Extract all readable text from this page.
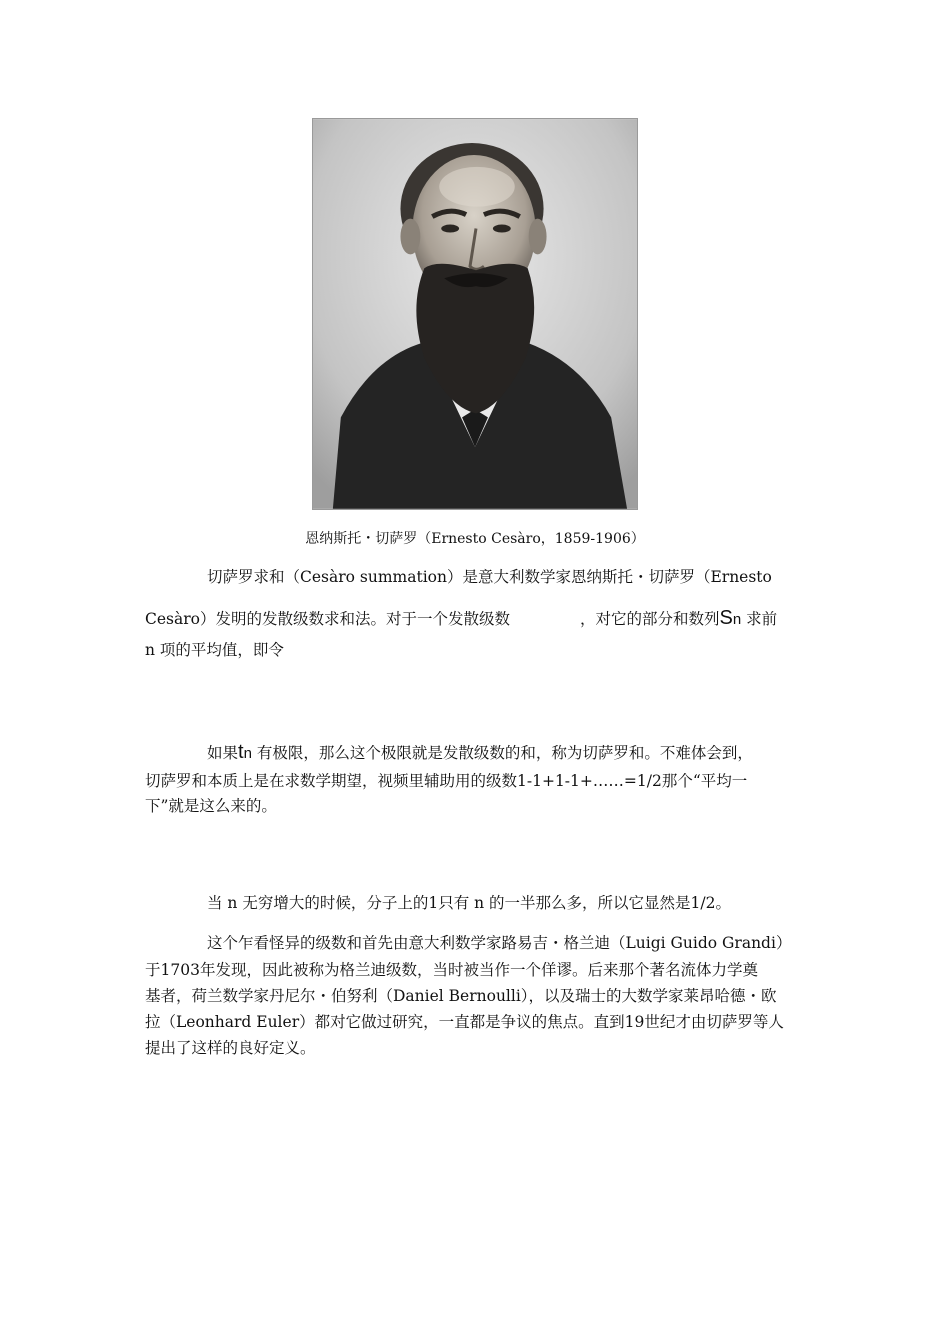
恩纳斯托・切萨罗（Ernesto Cesàro，1859-1906）
切萨罗求和（Cesàro summation）是意大利数学家恩纳斯托・切萨罗（Ernesto
Cesàro）发明的发散级数求和法。对于一个发散级数	，对它的部分和数列Sn 求前
n 项的平均值，即令
如果tn 有极限，那么这个极限就是发散级数的和，称为切萨罗和。不难体会到，
切萨罗和本质上是在求数学期望，视频里辅助用的级数1-1+1-1+……=1/2那个“平均一
下”就是这么来的。
当 n 无穷增大的时候，分子上的1只有 n 的一半那么多，所以它显然是1/2。
这个乍看怪异的级数和首先由意大利数学家路易吉・格兰迪（Luigi Guido Grandi）
于1703年发现，因此被称为格兰迪级数，当时被当作一个佯谬。后来那个著名流体力学奠
基者，荷兰数学家丹尼尔・伯努利（Daniel Bernoulli），以及瑞士的大数学家莱昂哈德・欧
拉（Leonhard Euler）都对它做过研究，一直都是争议的焦点。直到19世纪才由切萨罗等人
提出了这样的良好定义。
